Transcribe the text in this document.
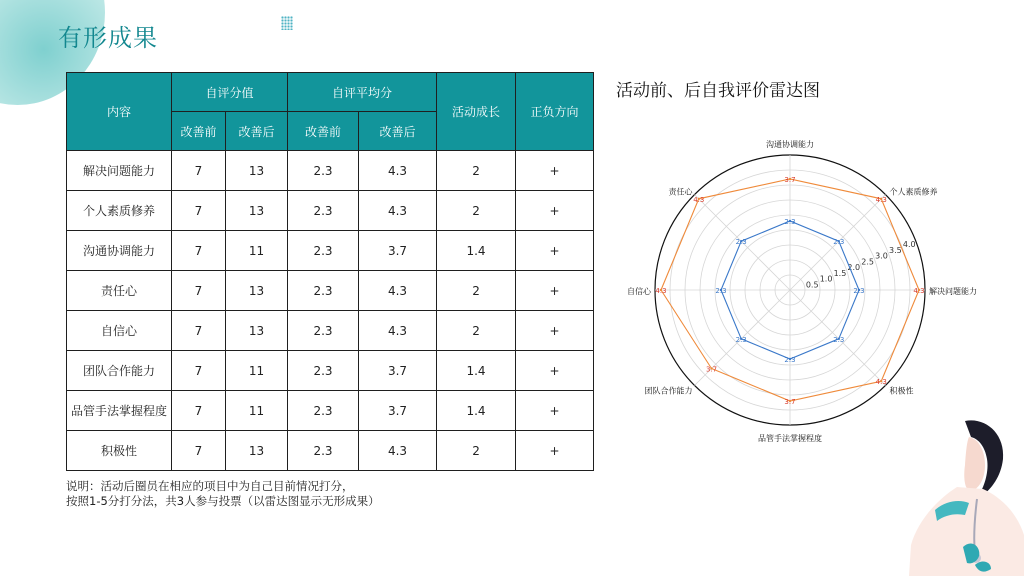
有形成果
内容	自评分值		自评平均分		活动成长	正负方向
	改善前	改善后	改善前	改善后		
解决问题能力	7	13	2.3	4.3	2	+
个人素质修养	7	13	2.3	4.3	2	+
沟通协调能力	7	11	2.3	3.7	1.4	+
责任心	7	13	2.3	4.3	2	+
自信心	7	13	2.3	4.3	2	+
团队合作能力	7	11	2.3	3.7	1.4	+
品管手法掌握程度	7	11	2.3	3.7	1.4	+
积极性	7	13	2.3	4.3	2	+
说明：活动后圈员在相应的项目中为自己目前情况打分，
按照1-5分打分法，共3人参与投票（以雷达图显示无形成果）
活动前、后自我评价雷达图
0.5
1.0
1.5
2.0
2.5
3.0
3.5
4.0
2.3
2.3
2.3
2.3
2.3
2.3
2.3
2.3
4.3
4.3
3.7
4.3
4.3
3.7
3.7
4.3
解决问题能力
个人素质修养
沟通协调能力
责任心
自信心
团队合作能力
品管手法掌握程度
积极性
